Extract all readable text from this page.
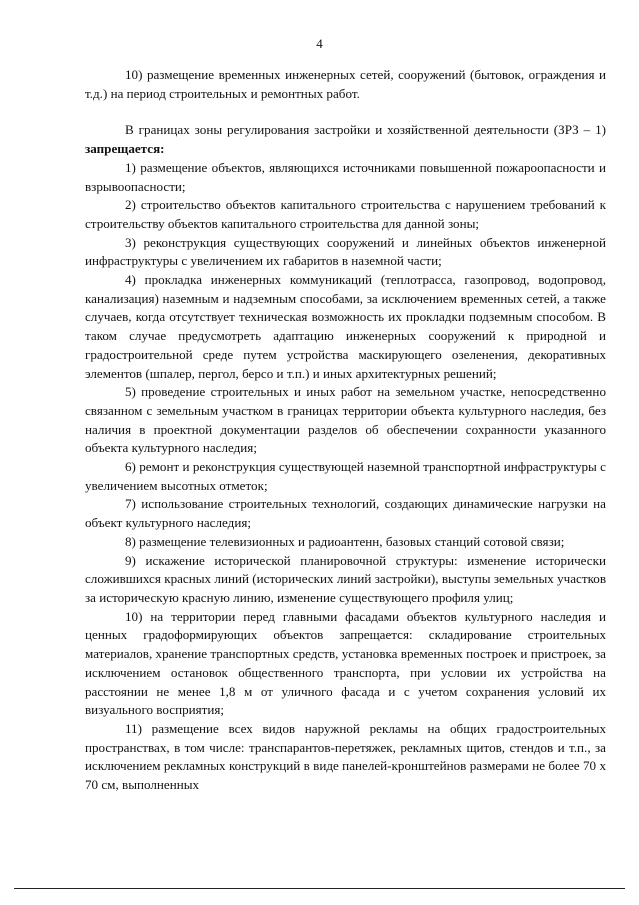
4

10) размещение временных инженерных сетей, сооружений (бытовок, ограждения и т.д.) на период строительных и ремонтных работ.

В границах зоны регулирования застройки и хозяйственной деятельности (ЗРЗ – 1) запрещается:

1) размещение объектов, являющихся источниками повышенной пожароопасности и взрывоопасности;

2) строительство объектов капитального строительства с нарушением требований к строительству объектов капитального строительства для данной зоны;

3) реконструкция существующих сооружений и линейных объектов инженерной инфраструктуры с увеличением их габаритов в наземной части;

4) прокладка инженерных коммуникаций (теплотрасса, газопровод, водопровод, канализация) наземным и надземным способами, за исключением временных сетей, а также случаев, когда отсутствует техническая возможность их прокладки подземным способом. В таком случае предусмотреть адаптацию инженерных сооружений к природной и градостроительной среде путем устройства маскирующего озеленения, декоративных элементов (шпалер, пергол, берсо и т.п.) и иных архитектурных решений;

5) проведение строительных и иных работ на земельном участке, непосредственно связанном с земельным участком в границах территории объекта культурного наследия, без наличия в проектной документации разделов об обеспечении сохранности указанного объекта культурного наследия;

6) ремонт и реконструкция существующей наземной транспортной инфраструктуры с увеличением высотных отметок;

7) использование строительных технологий, создающих динамические нагрузки на объект культурного наследия;

8) размещение телевизионных и радиоантенн, базовых станций сотовой связи;

9) искажение исторической планировочной структуры: изменение исторически сложившихся красных линий (исторических линий застройки), выступы земельных участков за историческую красную линию, изменение существующего профиля улиц;

10) на территории перед главными фасадами объектов культурного наследия и ценных градоформирующих объектов запрещается: складирование строительных материалов, хранение транспортных средств, установка временных построек и пристроек, за исключением остановок общественного транспорта, при условии их устройства на расстоянии не менее 1,8 м от уличного фасада и с учетом сохранения условий их визуального восприятия;

11) размещение всех видов наружной рекламы на общих градостроительных пространствах, в том числе: транспарантов-перетяжек, рекламных щитов, стендов и т.п., за исключением рекламных конструкций в виде панелей-кронштейнов размерами не более 70 х 70 см, выполненных
